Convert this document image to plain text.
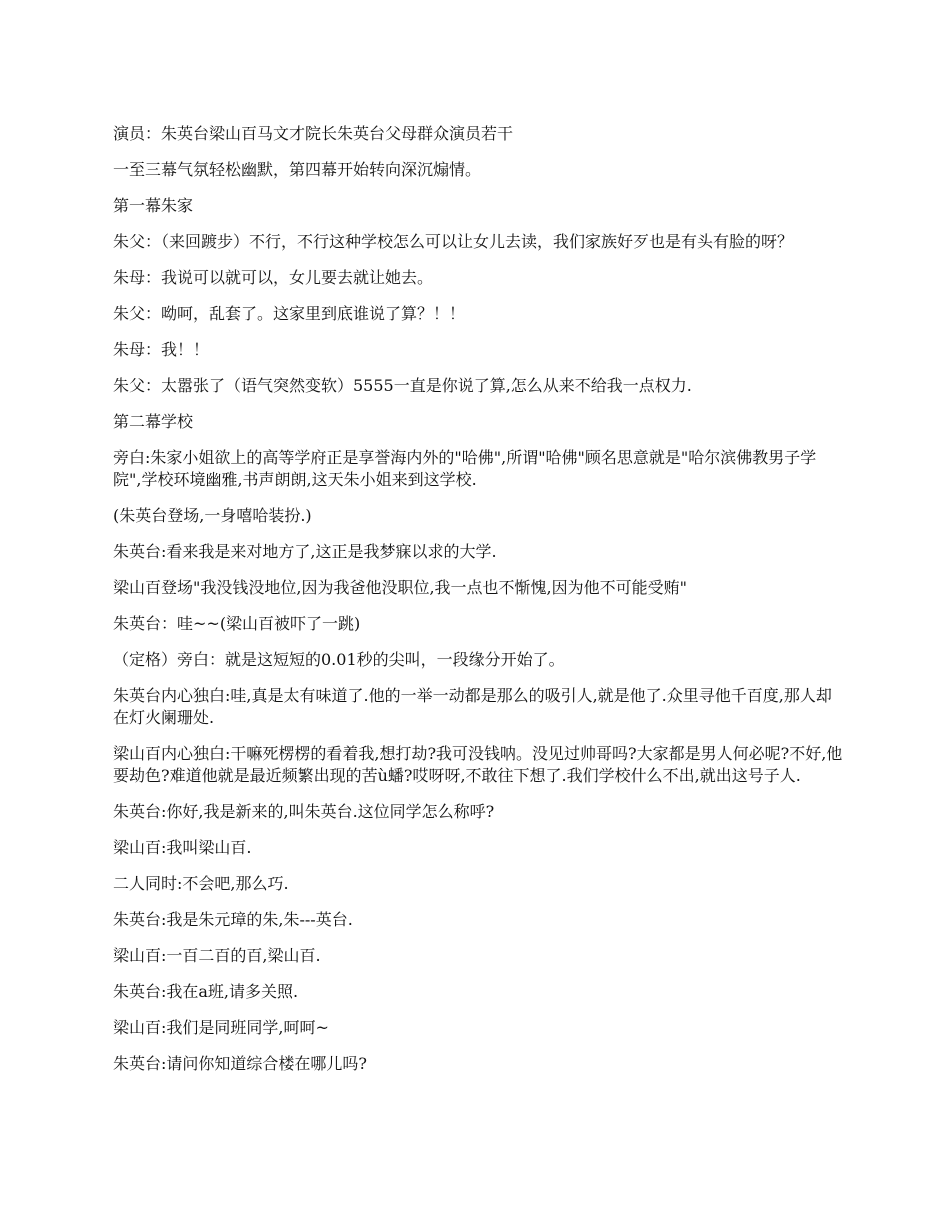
演员：朱英台梁山百马文才院长朱英台父母群众演员若干

一至三幕气氛轻松幽默，第四幕开始转向深沉煽情。

第一幕朱家

朱父：（来回踱步）不行，不行这种学校怎么可以让女儿去读，我们家族好歹也是有头有脸的呀？

朱母：我说可以就可以，女儿要去就让她去。

朱父：呦呵，乱套了。这家里到底谁说了算？！！

朱母：我！！

朱父：太嚣张了（语气突然变软）5555一直是你说了算,怎么从来不给我一点权力.

第二幕学校

旁白:朱家小姐欲上的高等学府正是享誉海内外的"哈佛",所谓"哈佛"顾名思意就是"哈尔滨佛教男子学院",学校环境幽雅,书声朗朗,这天朱小姐来到这学校.

(朱英台登场,一身嘻哈装扮.)

朱英台:看来我是来对地方了,这正是我梦寐以求的大学.

梁山百登场"我没钱没地位,因为我爸他没职位,我一点也不惭愧,因为他不可能受贿"

朱英台：哇~~(梁山百被吓了一跳)

（定格）旁白：就是这短短的0.01秒的尖叫，一段缘分开始了。

朱英台内心独白:哇,真是太有味道了.他的一举一动都是那么的吸引人,就是他了.众里寻他千百度,那人却在灯火阑珊处.

梁山百内心独白:干嘛死楞楞的看着我,想打劫?我可没钱呐。没见过帅哥吗?大家都是男人何必呢?不好,他要劫色?难道他就是最近频繁出现的苦ù蟠?哎呀呀,不敢往下想了.我们学校什么不出,就出这号子人.

朱英台:你好,我是新来的,叫朱英台.这位同学怎么称呼?

梁山百:我叫梁山百.

二人同时:不会吧,那么巧.

朱英台:我是朱元璋的朱,朱---英台.

梁山百:一百二百的百,梁山百.

朱英台:我在a班,请多关照.

梁山百:我们是同班同学,呵呵~

朱英台:请问你知道综合楼在哪儿吗?
